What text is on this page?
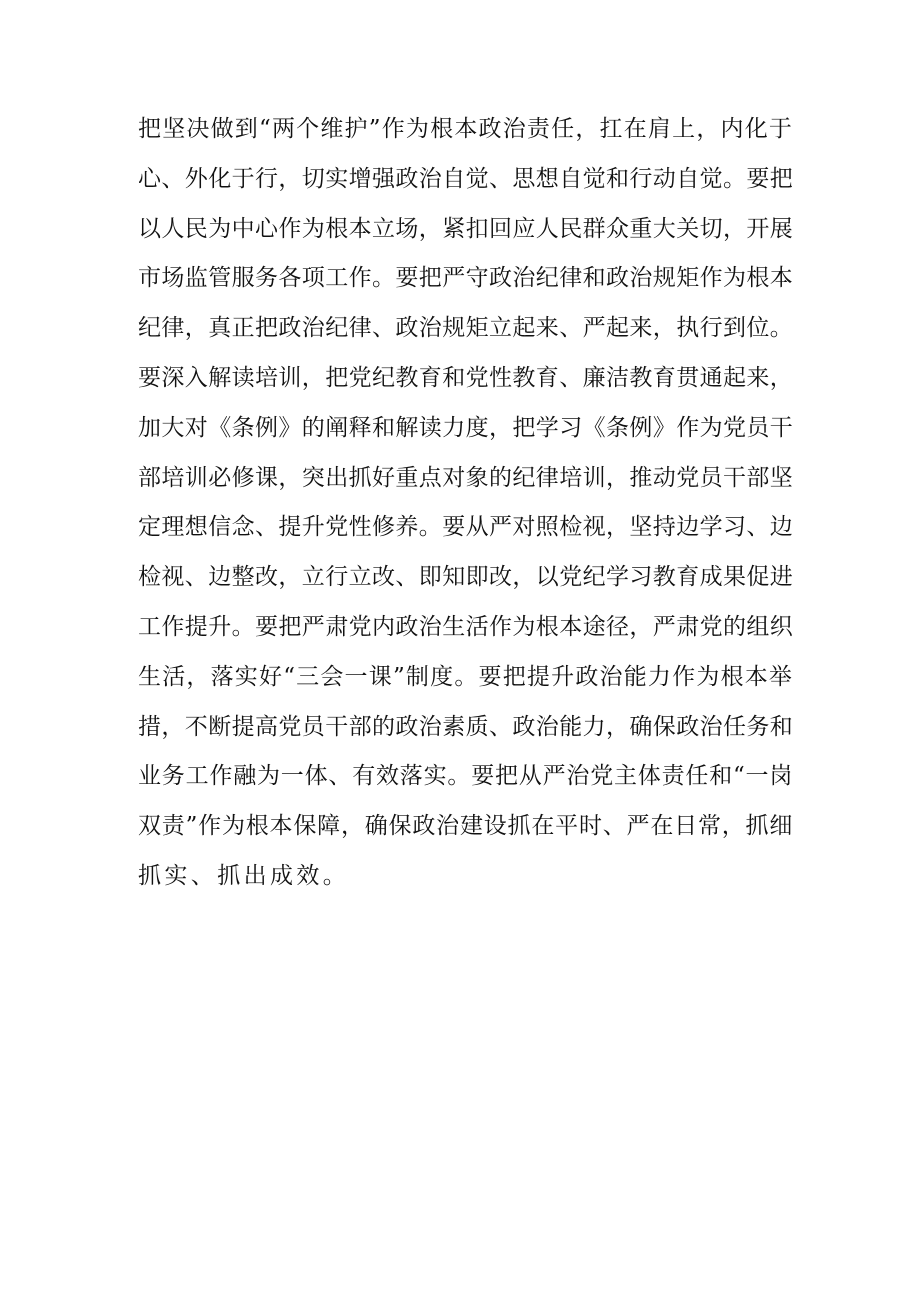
把坚决做到“两个维护”作为根本政治责任，扛在肩上，内化于
心、外化于行，切实增强政治自觉、思想自觉和行动自觉。要把
以人民为中心作为根本立场，紧扣回应人民群众重大关切，开展
市场监管服务各项工作。要把严守政治纪律和政治规矩作为根本
纪律，真正把政治纪律、政治规矩立起来、严起来，执行到位。
要深入解读培训，把党纪教育和党性教育、廉洁教育贯通起来，
加大对《条例》的阐释和解读力度，把学习《条例》作为党员干
部培训必修课，突出抓好重点对象的纪律培训，推动党员干部坚
定理想信念、提升党性修养。要从严对照检视，坚持边学习、边
检视、边整改，立行立改、即知即改，以党纪学习教育成果促进
工作提升。要把严肃党内政治生活作为根本途径，严肃党的组织
生活，落实好“三会一课”制度。要把提升政治能力作为根本举
措，不断提高党员干部的政治素质、政治能力，确保政治任务和
业务工作融为一体、有效落实。要把从严治党主体责任和“一岗
双责”作为根本保障，确保政治建设抓在平时、严在日常，抓细
抓实、抓出成效。
